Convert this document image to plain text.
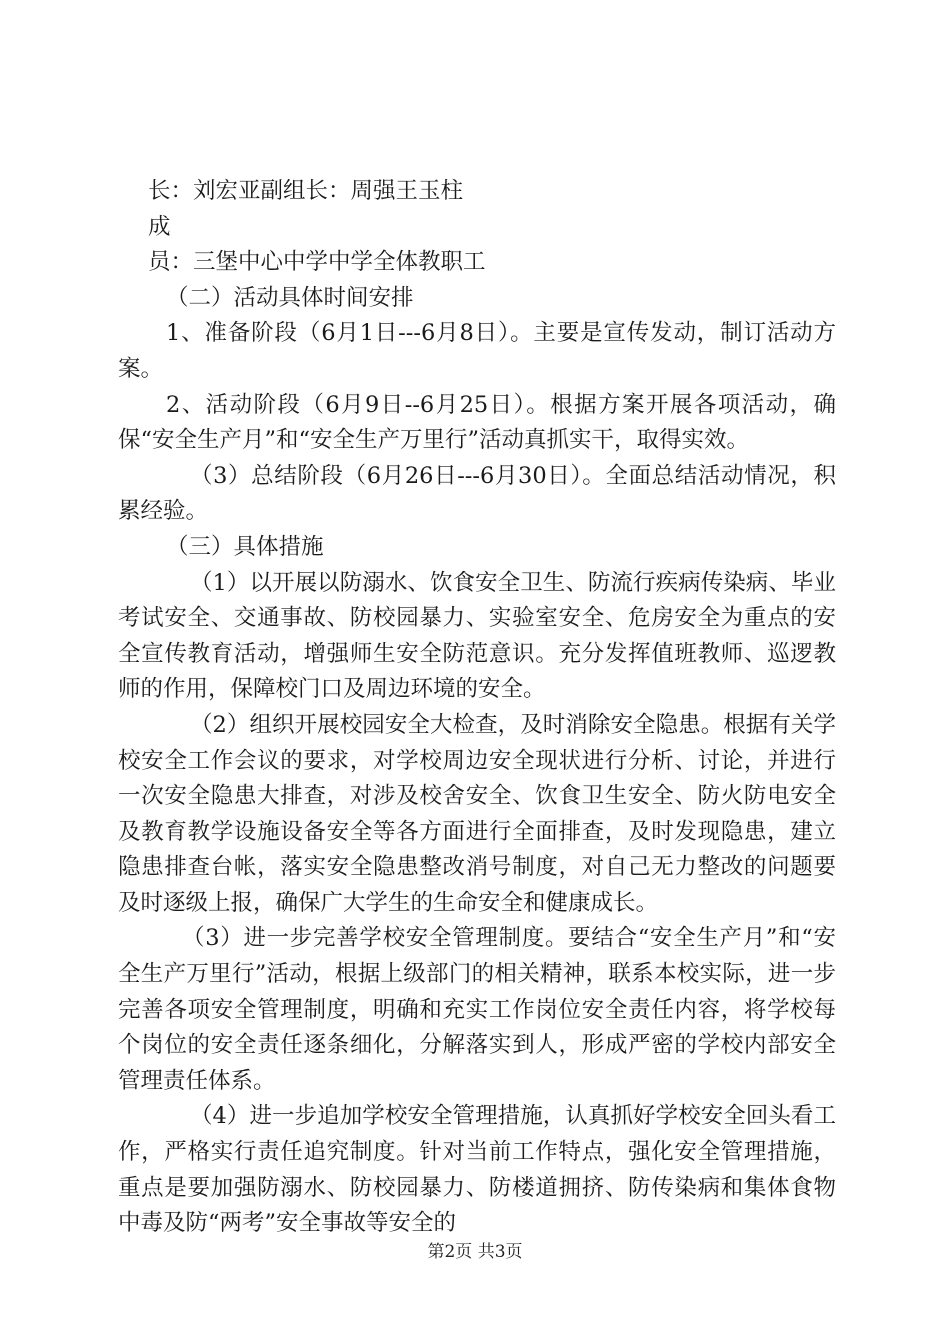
长：刘宏亚副组长：周强王玉柱

成

员：三堡中心中学中学全体教职工

（二）活动具体时间安排

1、准备阶段（6月1日---6月8日）。主要是宣传发动，制订活动方案。

2、活动阶段（6月9日--6月25日）。根据方案开展各项活动，确保“安全生产月”和“安全生产万里行”活动真抓实干，取得实效。

（3）总结阶段（6月26日---6月30日）。全面总结活动情况，积累经验。

（三）具体措施

（1）以开展以防溺水、饮食安全卫生、防流行疾病传染病、毕业考试安全、交通事故、防校园暴力、实验室安全、危房安全为重点的安全宣传教育活动，增强师生安全防范意识。充分发挥值班教师、巡逻教师的作用，保障校门口及周边环境的安全。

（2）组织开展校园安全大检查，及时消除安全隐患。根据有关学校安全工作会议的要求，对学校周边安全现状进行分析、讨论，并进行一次安全隐患大排查，对涉及校舍安全、饮食卫生安全、防火防电安全及教育教学设施设备安全等各方面进行全面排查，及时发现隐患，建立隐患排查台帐，落实安全隐患整改消号制度，对自己无力整改的问题要及时逐级上报，确保广大学生的生命安全和健康成长。

（3）进一步完善学校安全管理制度。要结合“安全生产月”和“安全生产万里行”活动，根据上级部门的相关精神，联系本校实际，进一步完善各项安全管理制度，明确和充实工作岗位安全责任内容，将学校每个岗位的安全责任逐条细化，分解落实到人，形成严密的学校内部安全管理责任体系。

（4）进一步追加学校安全管理措施，认真抓好学校安全回头看工作，严格实行责任追究制度。针对当前工作特点，强化安全管理措施，重点是要加强防溺水、防校园暴力、防楼道拥挤、防传染病和集体食物中毒及防“两考”安全事故等安全的

第2页 共3页
